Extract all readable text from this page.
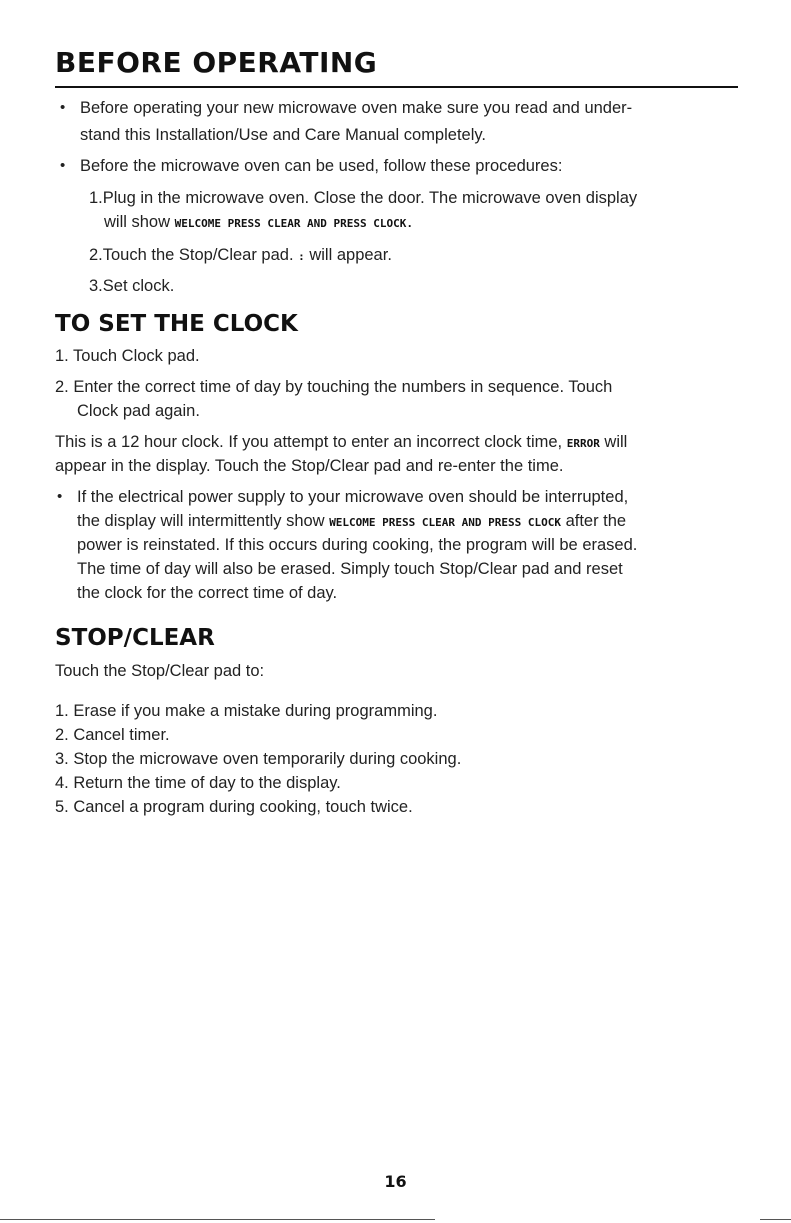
BEFORE OPERATING
• Before operating your new microwave oven make sure you read and under-
stand this Installation/Use and Care Manual completely.
• Before the microwave oven can be used, follow these procedures:
1.Plug in the microwave oven. Close the door. The microwave oven display
will show WELCOME PRESS CLEAR AND PRESS CLOCK.
2.Touch the Stop/Clear pad. : will appear.
3.Set clock.
TO SET THE CLOCK
1. Touch Clock pad.
2. Enter the correct time of day by touching the numbers in sequence. Touch
Clock pad again.
This is a 12 hour clock. If you attempt to enter an incorrect clock time, ERROR will
appear in the display. Touch the Stop/Clear pad and re-enter the time.
• If the electrical power supply to your microwave oven should be interrupted,
the display will intermittently show WELCOME PRESS CLEAR AND PRESS CLOCK after the
power is reinstated. If this occurs during cooking, the program will be erased.
The time of day will also be erased. Simply touch Stop/Clear pad and reset
the clock for the correct time of day.
STOP/CLEAR
Touch the Stop/Clear pad to:
1. Erase if you make a mistake during programming.
2. Cancel timer.
3. Stop the microwave oven temporarily during cooking.
4. Return the time of day to the display.
5. Cancel a program during cooking, touch twice.
16
